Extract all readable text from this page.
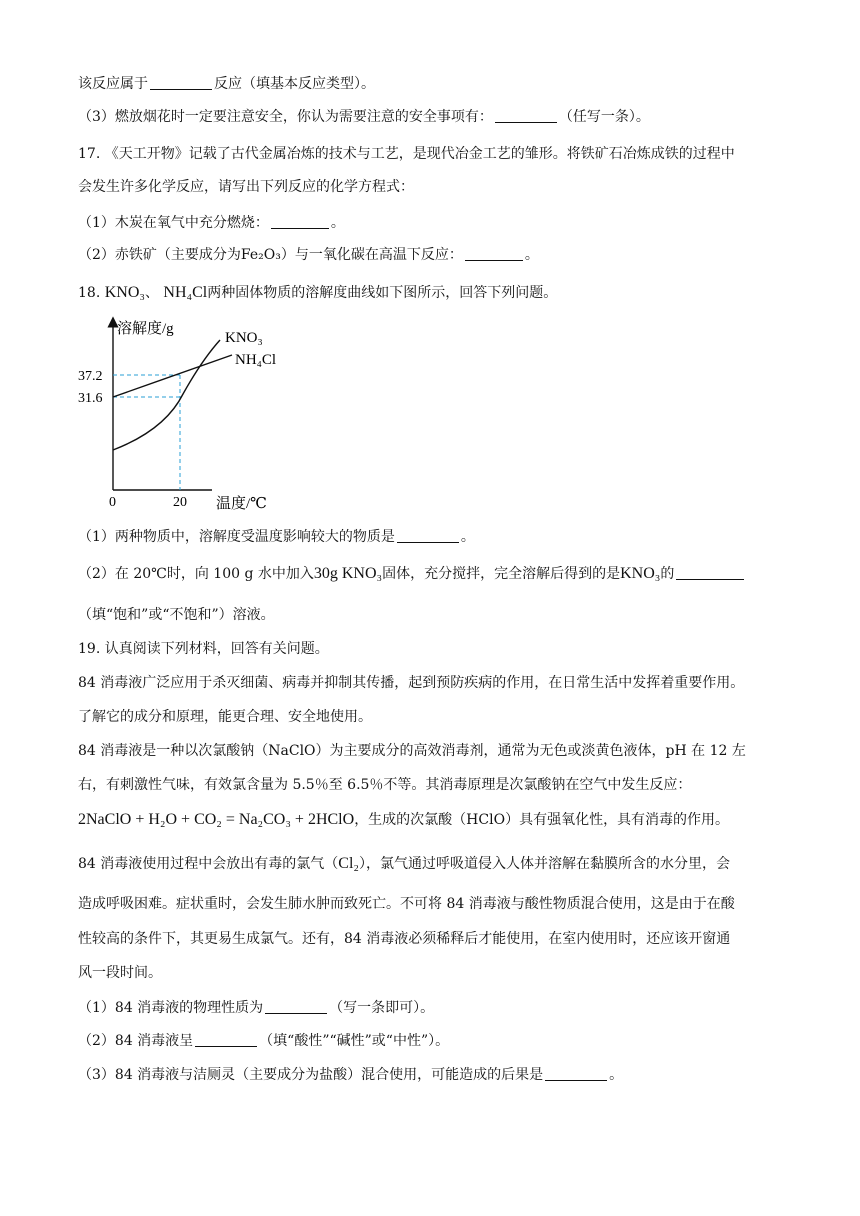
该反应属于	反应（填基本反应类型）。
（3）燃放烟花时一定要注意安全，你认为需要注意的安全事项有：	（任写一条）。
17. 《天工开物》记载了古代金属冶炼的技术与工艺，是现代冶金工艺的雏形。将铁矿石冶炼成铁的过程中
会发生许多化学反应，请写出下列反应的化学方程式：
（1）木炭在氧气中充分燃烧：	。
（2）赤铁矿（主要成分为Fe₂O₃）与一氧化碳在高温下反应：	。
18. KNO₃、 NH₄Cl两种固体物质的溶解度曲线如下图所示，回答下列问题。
溶解度/g
温度/℃
0	20
37.2
31.6
KNO₃
NH₄Cl
（1）两种物质中，溶解度受温度影响较大的物质是	。
（2）在 20℃时，向 100 g 水中加入30g KNO₃固体，充分搅拌，完全溶解后得到的是KNO₃的
（填“饱和”或“不饱和”）溶液。
19. 认真阅读下列材料，回答有关问题。
84 消毒液广泛应用于杀灭细菌、病毒并抑制其传播，起到预防疾病的作用，在日常生活中发挥着重要作用。
了解它的成分和原理，能更合理、安全地使用。
84 消毒液是一种以次氯酸钠（NaClO）为主要成分的高效消毒剂，通常为无色或淡黄色液体，pH 在 12 左
右，有刺激性气味，有效氯含量为 5.5％至 6.5％不等。其消毒原理是次氯酸钠在空气中发生反应：
2NaClO + H₂O + CO₂ = Na₂CO₃ + 2HClO，生成的次氯酸（HClO）具有强氧化性，具有消毒的作用。
84 消毒液使用过程中会放出有毒的氯气（Cl₂），氯气通过呼吸道侵入人体并溶解在黏膜所含的水分里，会
造成呼吸困难。症状重时，会发生肺水肿而致死亡。不可将 84 消毒液与酸性物质混合使用，这是由于在酸
性较高的条件下，其更易生成氯气。还有，84 消毒液必须稀释后才能使用，在室内使用时，还应该开窗通
风一段时间。
（1）84 消毒液的物理性质为	（写一条即可）。
（2）84 消毒液呈	（填“酸性”“碱性”或“中性”）。
（3）84 消毒液与洁厕灵（主要成分为盐酸）混合使用，可能造成的后果是	。
